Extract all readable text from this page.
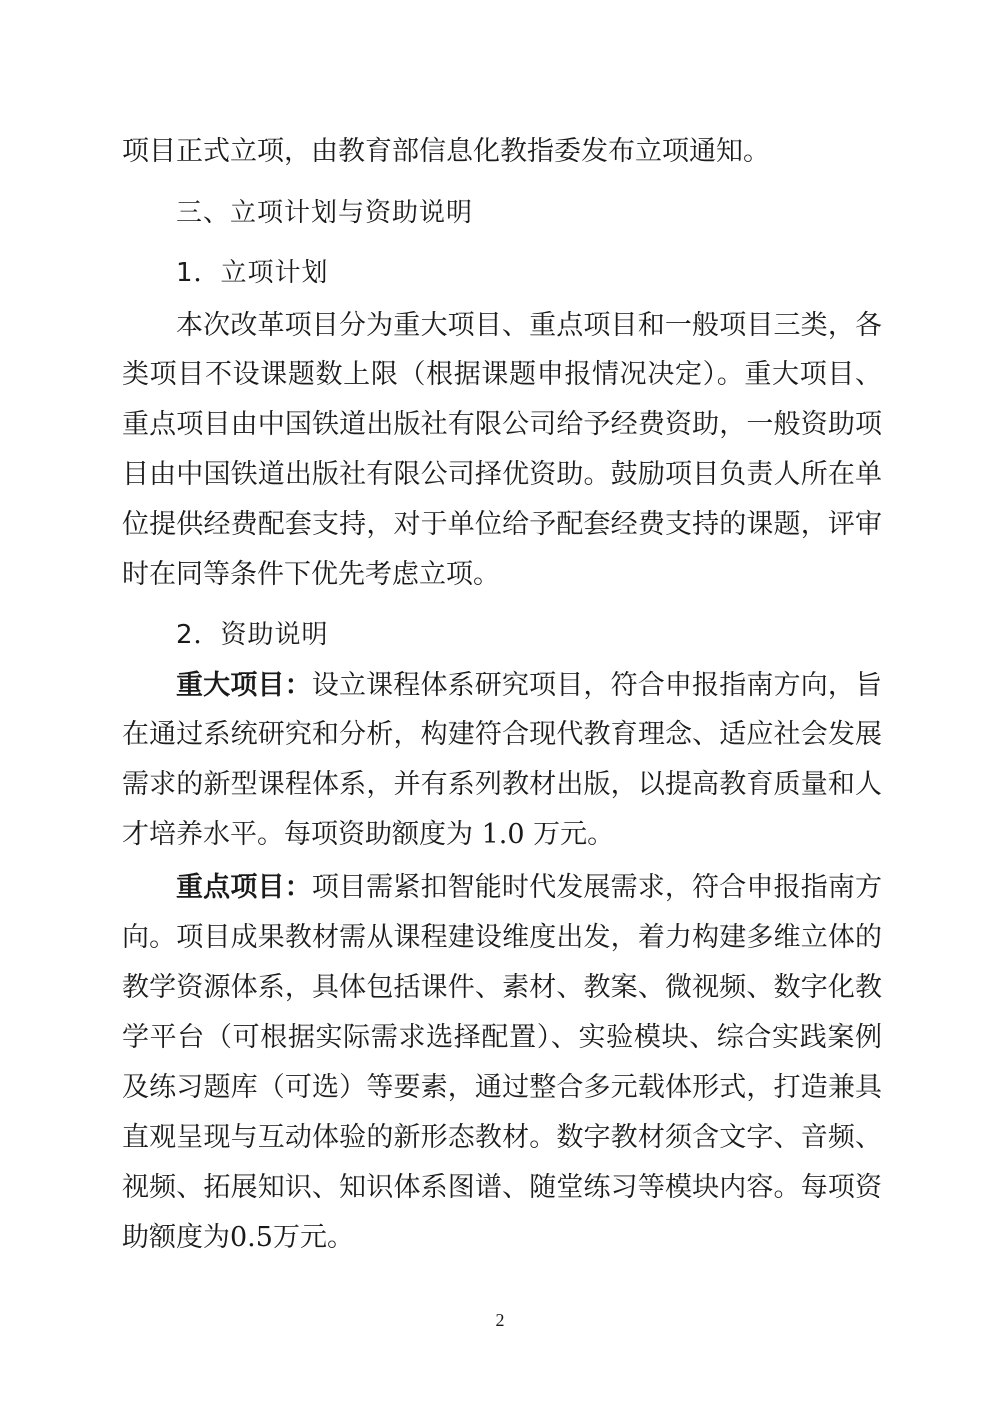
项目正式立项，由教育部信息化教指委发布立项通知。
三、立项计划与资助说明
1．立项计划
本次改革项目分为重大项目、重点项目和一般项目三类，各
类项目不设课题数上限（根据课题申报情况决定）。重大项目、
重点项目由中国铁道出版社有限公司给予经费资助，一般资助项
目由中国铁道出版社有限公司择优资助。鼓励项目负责人所在单
位提供经费配套支持，对于单位给予配套经费支持的课题，评审
时在同等条件下优先考虑立项。
2．资助说明
重大项目：设立课程体系研究项目，符合申报指南方向，旨
在通过系统研究和分析，构建符合现代教育理念、适应社会发展
需求的新型课程体系，并有系列教材出版，以提高教育质量和人
才培养水平。每项资助额度为 1.0 万元。
重点项目：项目需紧扣智能时代发展需求，符合申报指南方
向。项目成果教材需从课程建设维度出发，着力构建多维立体的
教学资源体系，具体包括课件、素材、教案、微视频、数字化教
学平台（可根据实际需求选择配置）、实验模块、综合实践案例
及练习题库（可选）等要素，通过整合多元载体形式，打造兼具
直观呈现与互动体验的新形态教材。数字教材须含文字、音频、
视频、拓展知识、知识体系图谱、随堂练习等模块内容。每项资
助额度为0.5万元。
2
